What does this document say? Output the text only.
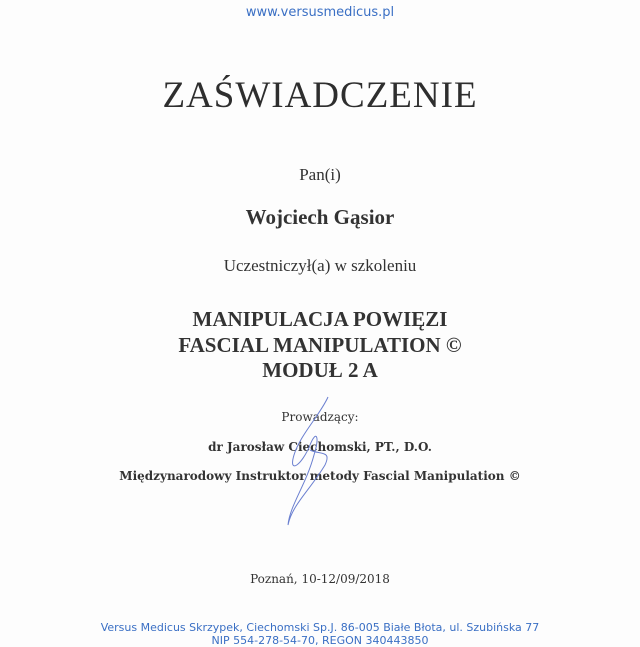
www.versusmedicus.pl
ZAŚWIADCZENIE
Pan(i)
Wojciech Gąsior
Uczestniczył(a) w szkoleniu
MANIPULACJA POWIĘZI
FASCIAL MANIPULATION ©
MODUŁ 2 A
Prowadzący:
dr Jarosław Ciechomski, PT., D.O.
Międzynarodowy Instruktor metody Fascial Manipulation ©
Poznań, 10-12/09/2018
Versus Medicus Skrzypek, Ciechomski Sp.J. 86-005 Białe Błota, ul. Szubińska 77
NIP 554-278-54-70, REGON 340443850
